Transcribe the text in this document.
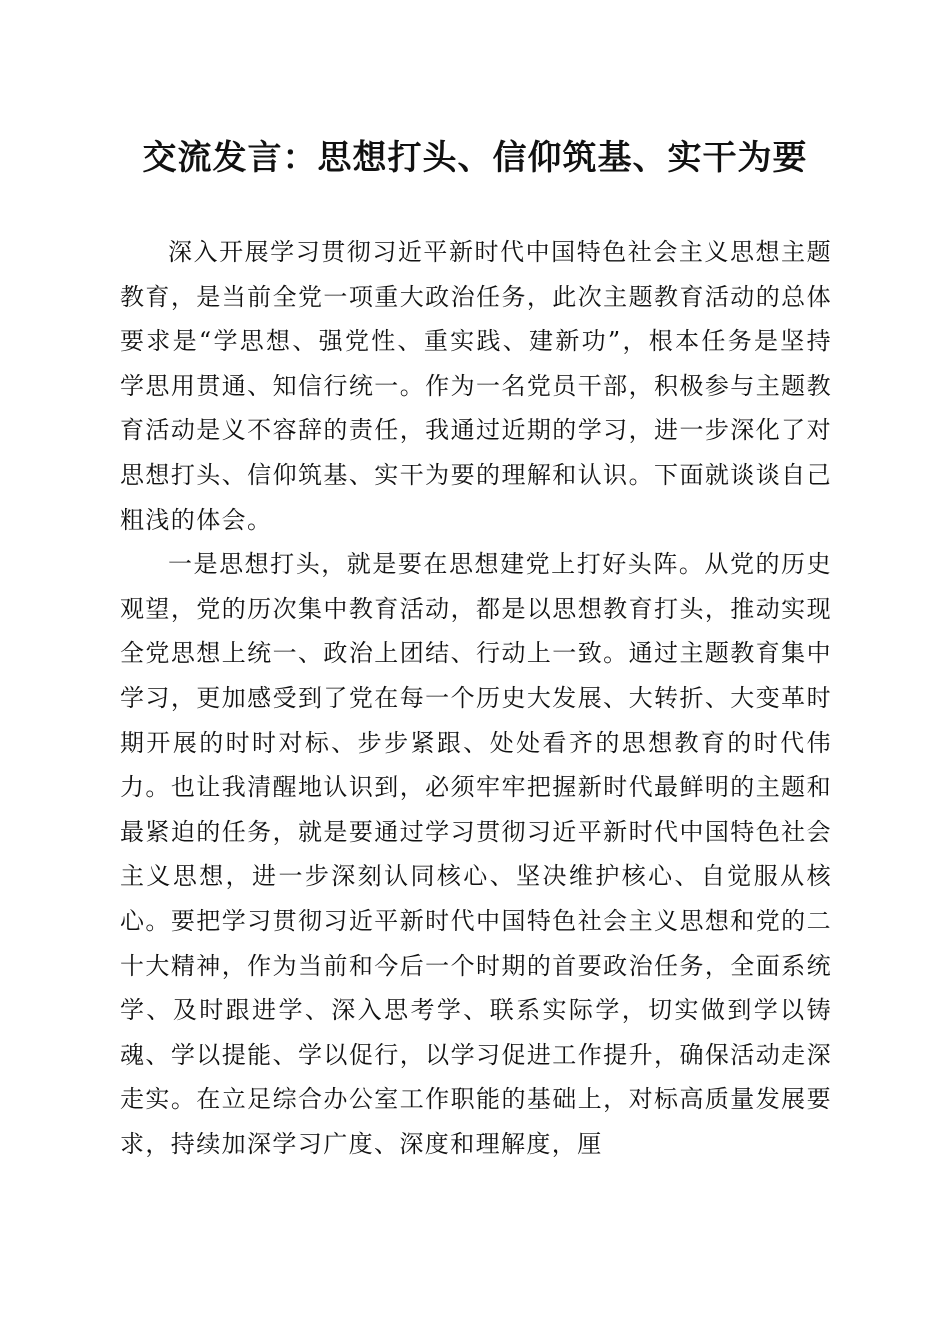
交流发言：思想打头、信仰筑基、实干为要

深入开展学习贯彻习近平新时代中国特色社会主义思想主题教育，是当前全党一项重大政治任务，此次主题教育活动的总体要求是“学思想、强党性、重实践、建新功”，根本任务是坚持学思用贯通、知信行统一。作为一名党员干部，积极参与主题教育活动是义不容辞的责任，我通过近期的学习，进一步深化了对思想打头、信仰筑基、实干为要的理解和认识。下面就谈谈自己粗浅的体会。

一是思想打头，就是要在思想建党上打好头阵。从党的历史观望，党的历次集中教育活动，都是以思想教育打头，推动实现全党思想上统一、政治上团结、行动上一致。通过主题教育集中学习，更加感受到了党在每一个历史大发展、大转折、大变革时期开展的时时对标、步步紧跟、处处看齐的思想教育的时代伟力。也让我清醒地认识到，必须牢牢把握新时代最鲜明的主题和最紧迫的任务，就是要通过学习贯彻习近平新时代中国特色社会主义思想，进一步深刻认同核心、坚决维护核心、自觉服从核心。要把学习贯彻习近平新时代中国特色社会主义思想和党的二十大精神，作为当前和今后一个时期的首要政治任务，全面系统学、及时跟进学、深入思考学、联系实际学，切实做到学以铸魂、学以提能、学以促行，以学习促进工作提升，确保活动走深走实。在立足综合办公室工作职能的基础上，对标高质量发展要求，持续加深学习广度、深度和理解度，厘
